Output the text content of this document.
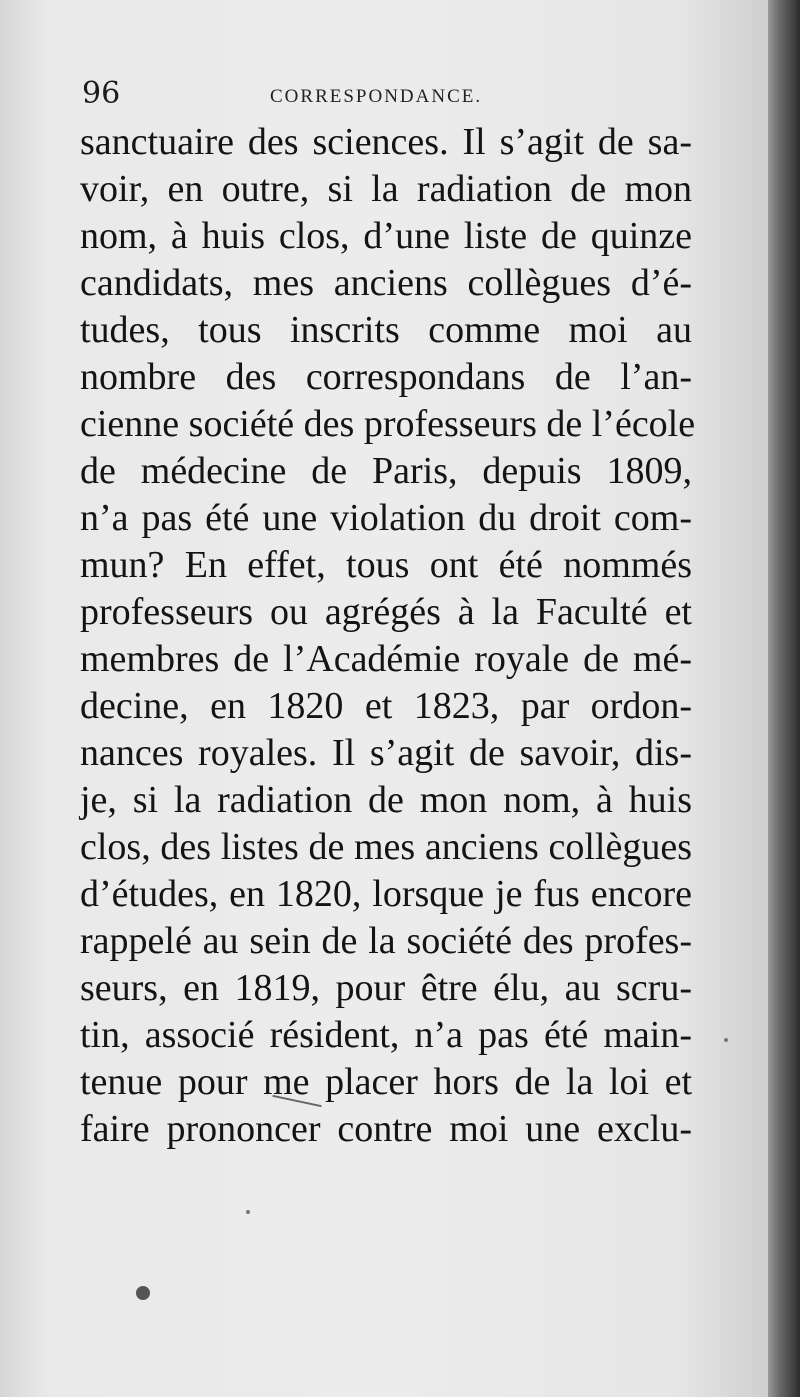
96	CORRESPONDANCE.
sanctuaire des sciences. Il s’agit de sa-
voir, en outre, si la radiation de mon
nom, à huis clos, d’une liste de quinze
candidats, mes anciens collègues d’é-
tudes, tous inscrits comme moi au
nombre des correspondans de l’an-
cienne société des professeurs de l’école
de médecine de Paris, depuis 1809,
n’a pas été une violation du droit com-
mun? En effet, tous ont été nommés
professeurs ou agrégés à la Faculté et
membres de l’Académie royale de mé-
decine, en 1820 et 1823, par ordon-
nances royales. Il s’agit de savoir, dis-
je, si la radiation de mon nom, à huis
clos, des listes de mes anciens collègues
d’études, en 1820, lorsque je fus encore
rappelé au sein de la société des profes-
seurs, en 1819, pour être élu, au scru-
tin, associé résident, n’a pas été main-
tenue pour me placer hors de la loi et
faire prononcer contre moi une exclu-
